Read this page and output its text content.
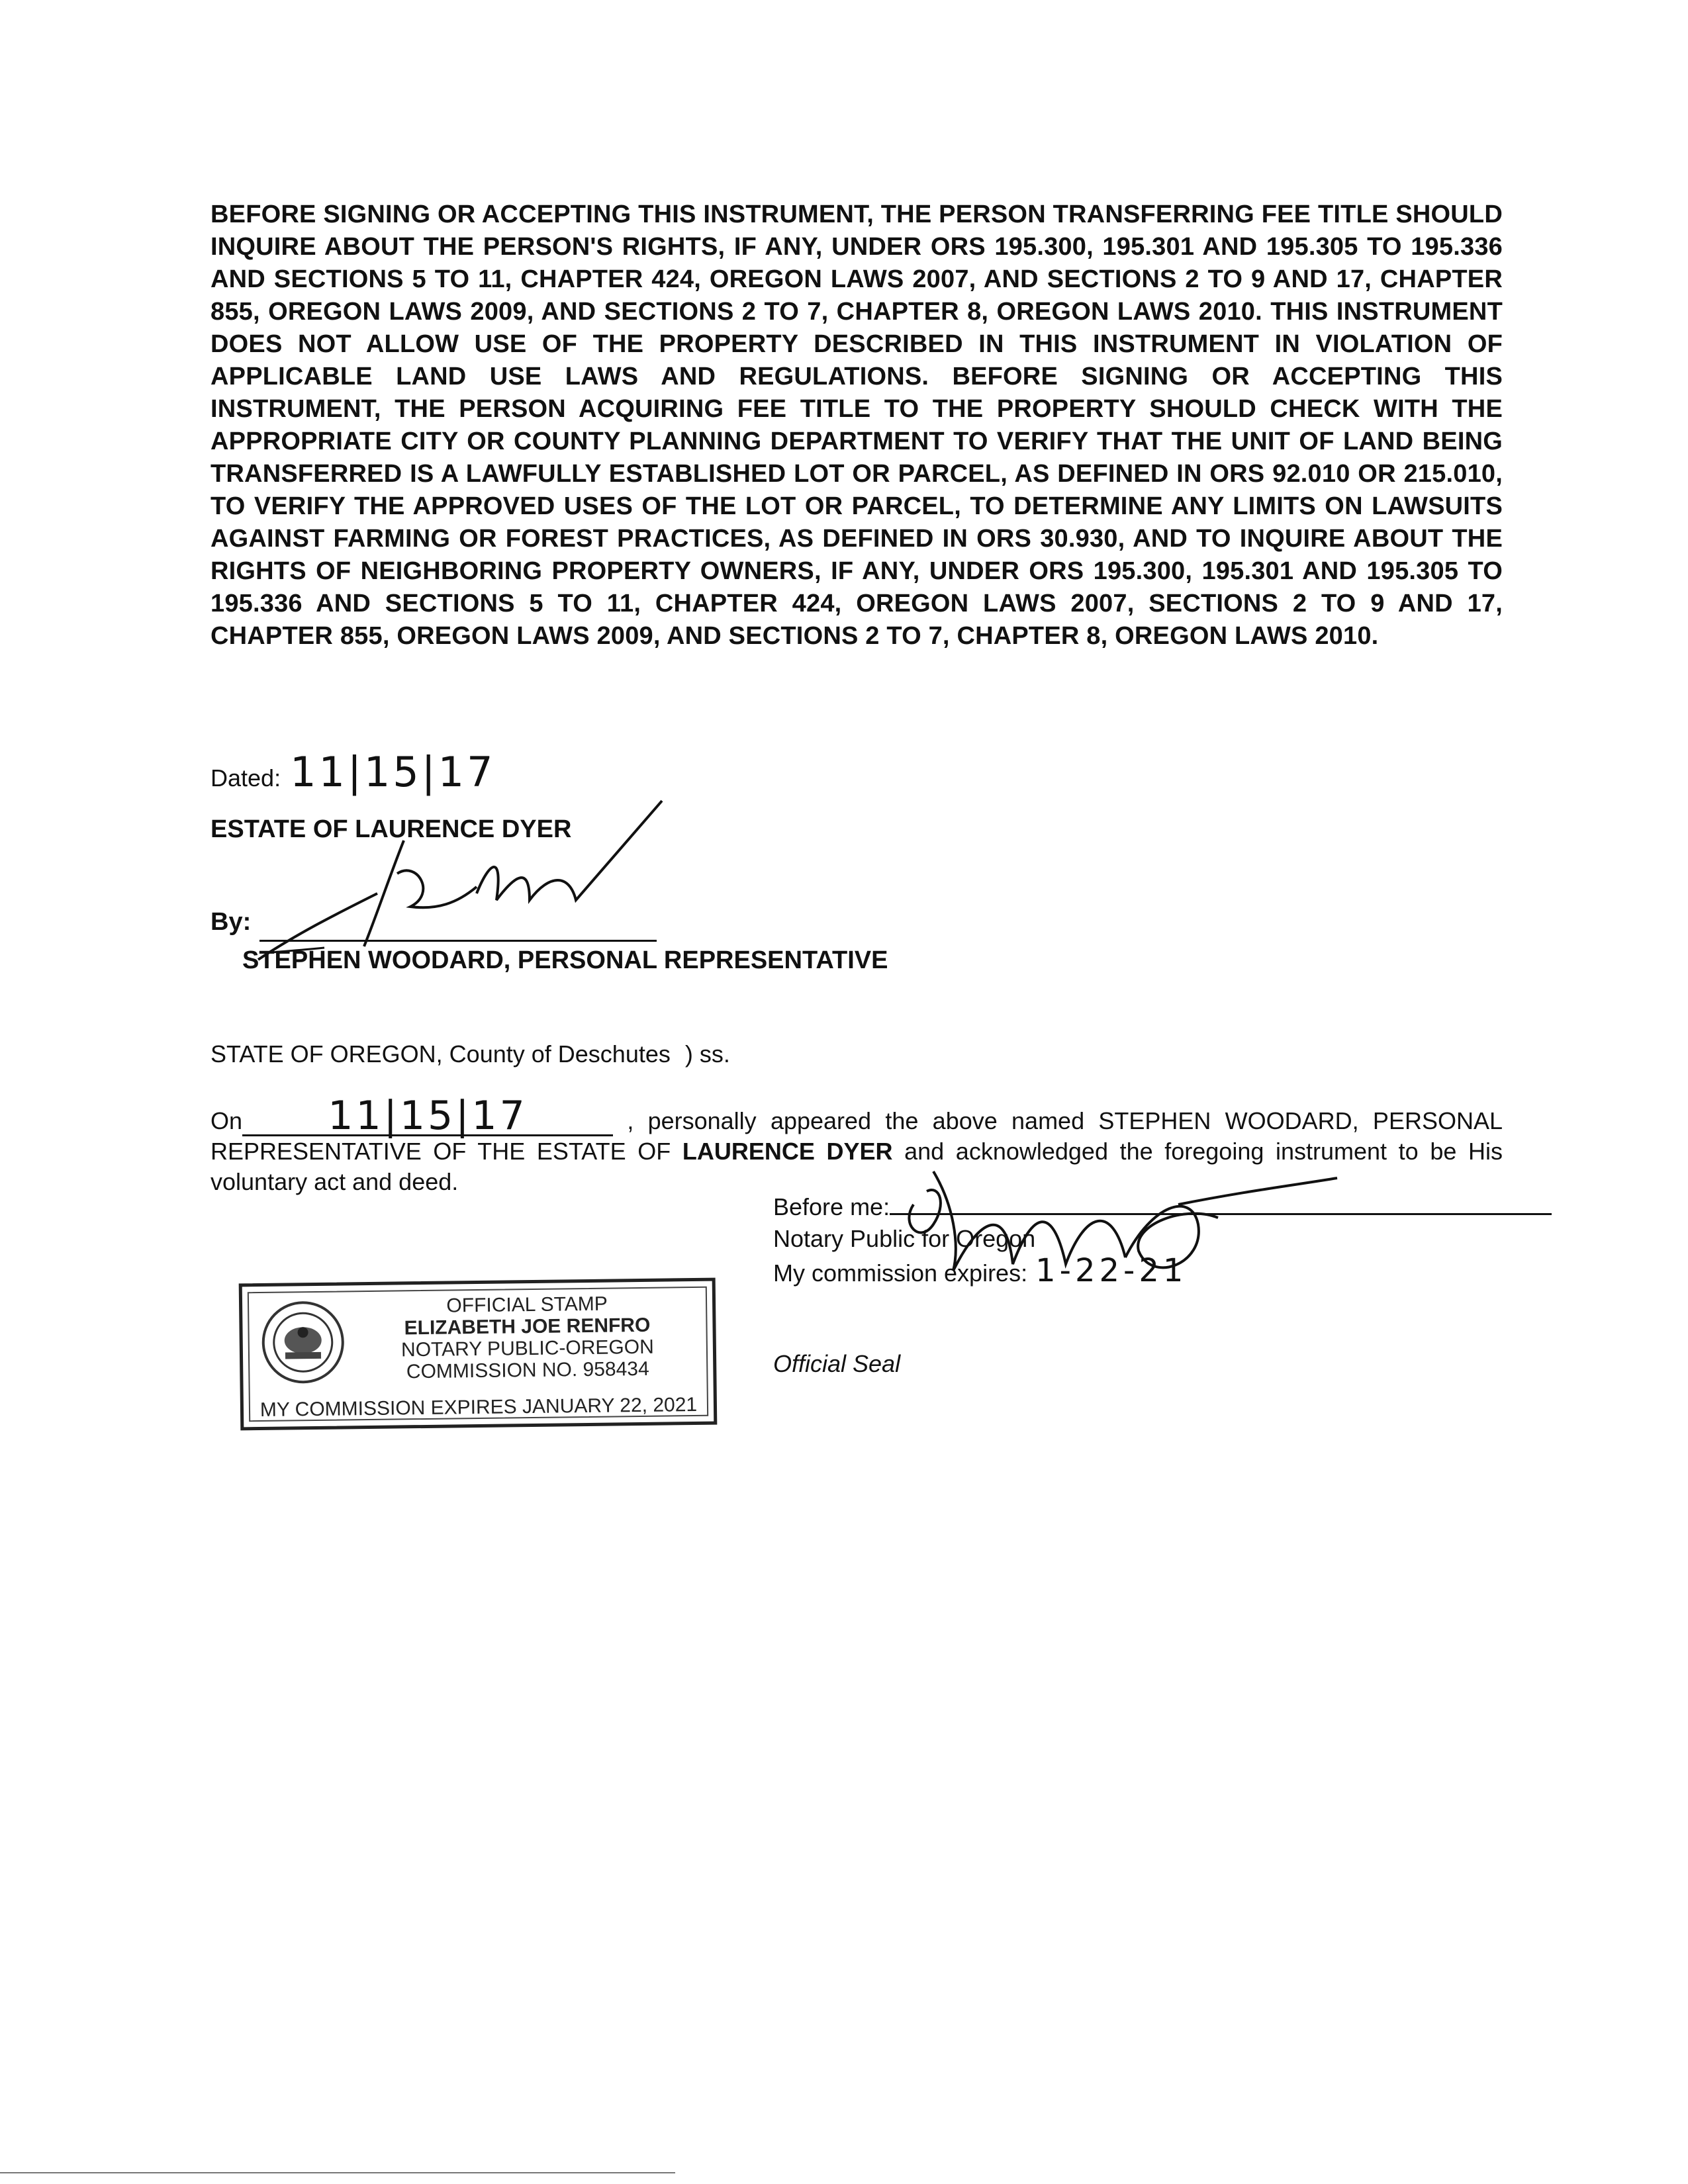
BEFORE SIGNING OR ACCEPTING THIS INSTRUMENT, THE PERSON TRANSFERRING FEE TITLE SHOULD INQUIRE ABOUT THE PERSON'S RIGHTS, IF ANY, UNDER ORS 195.300, 195.301 AND 195.305 TO 195.336 AND SECTIONS 5 TO 11, CHAPTER 424, OREGON LAWS 2007, AND SECTIONS 2 TO 9 AND 17, CHAPTER 855, OREGON LAWS 2009, AND SECTIONS 2 TO 7, CHAPTER 8, OREGON LAWS 2010. THIS INSTRUMENT DOES NOT ALLOW USE OF THE PROPERTY DESCRIBED IN THIS INSTRUMENT IN VIOLATION OF APPLICABLE LAND USE LAWS AND REGULATIONS. BEFORE SIGNING OR ACCEPTING THIS INSTRUMENT, THE PERSON ACQUIRING FEE TITLE TO THE PROPERTY SHOULD CHECK WITH THE APPROPRIATE CITY OR COUNTY PLANNING DEPARTMENT TO VERIFY THAT THE UNIT OF LAND BEING TRANSFERRED IS A LAWFULLY ESTABLISHED LOT OR PARCEL, AS DEFINED IN ORS 92.010 OR 215.010, TO VERIFY THE APPROVED USES OF THE LOT OR PARCEL, TO DETERMINE ANY LIMITS ON LAWSUITS AGAINST FARMING OR FOREST PRACTICES, AS DEFINED IN ORS 30.930, AND TO INQUIRE ABOUT THE RIGHTS OF NEIGHBORING PROPERTY OWNERS, IF ANY, UNDER ORS 195.300, 195.301 AND 195.305 TO 195.336 AND SECTIONS 5 TO 11, CHAPTER 424, OREGON LAWS 2007, SECTIONS 2 TO 9 AND 17, CHAPTER 855, OREGON LAWS 2009, AND SECTIONS 2 TO 7, CHAPTER 8, OREGON LAWS 2010.
Dated: 11|15|17
ESTATE OF LAURENCE DYER
By:
STEPHEN WOODARD, PERSONAL REPRESENTATIVE
STATE OF OREGON, County of Deschutes ) ss.
On 11|15|17	, personally appeared the above named STEPHEN WOODARD, PERSONAL REPRESENTATIVE OF THE ESTATE OF LAURENCE DYER and acknowledged the foregoing instrument to be His voluntary act and deed.
Before me:
Notary Public for Oregon
My commission expires: 1-22-21
Official Seal
OFFICIAL STAMP
ELIZABETH JOE RENFRO
NOTARY PUBLIC-OREGON
COMMISSION NO. 958434
MY COMMISSION EXPIRES JANUARY 22, 2021
